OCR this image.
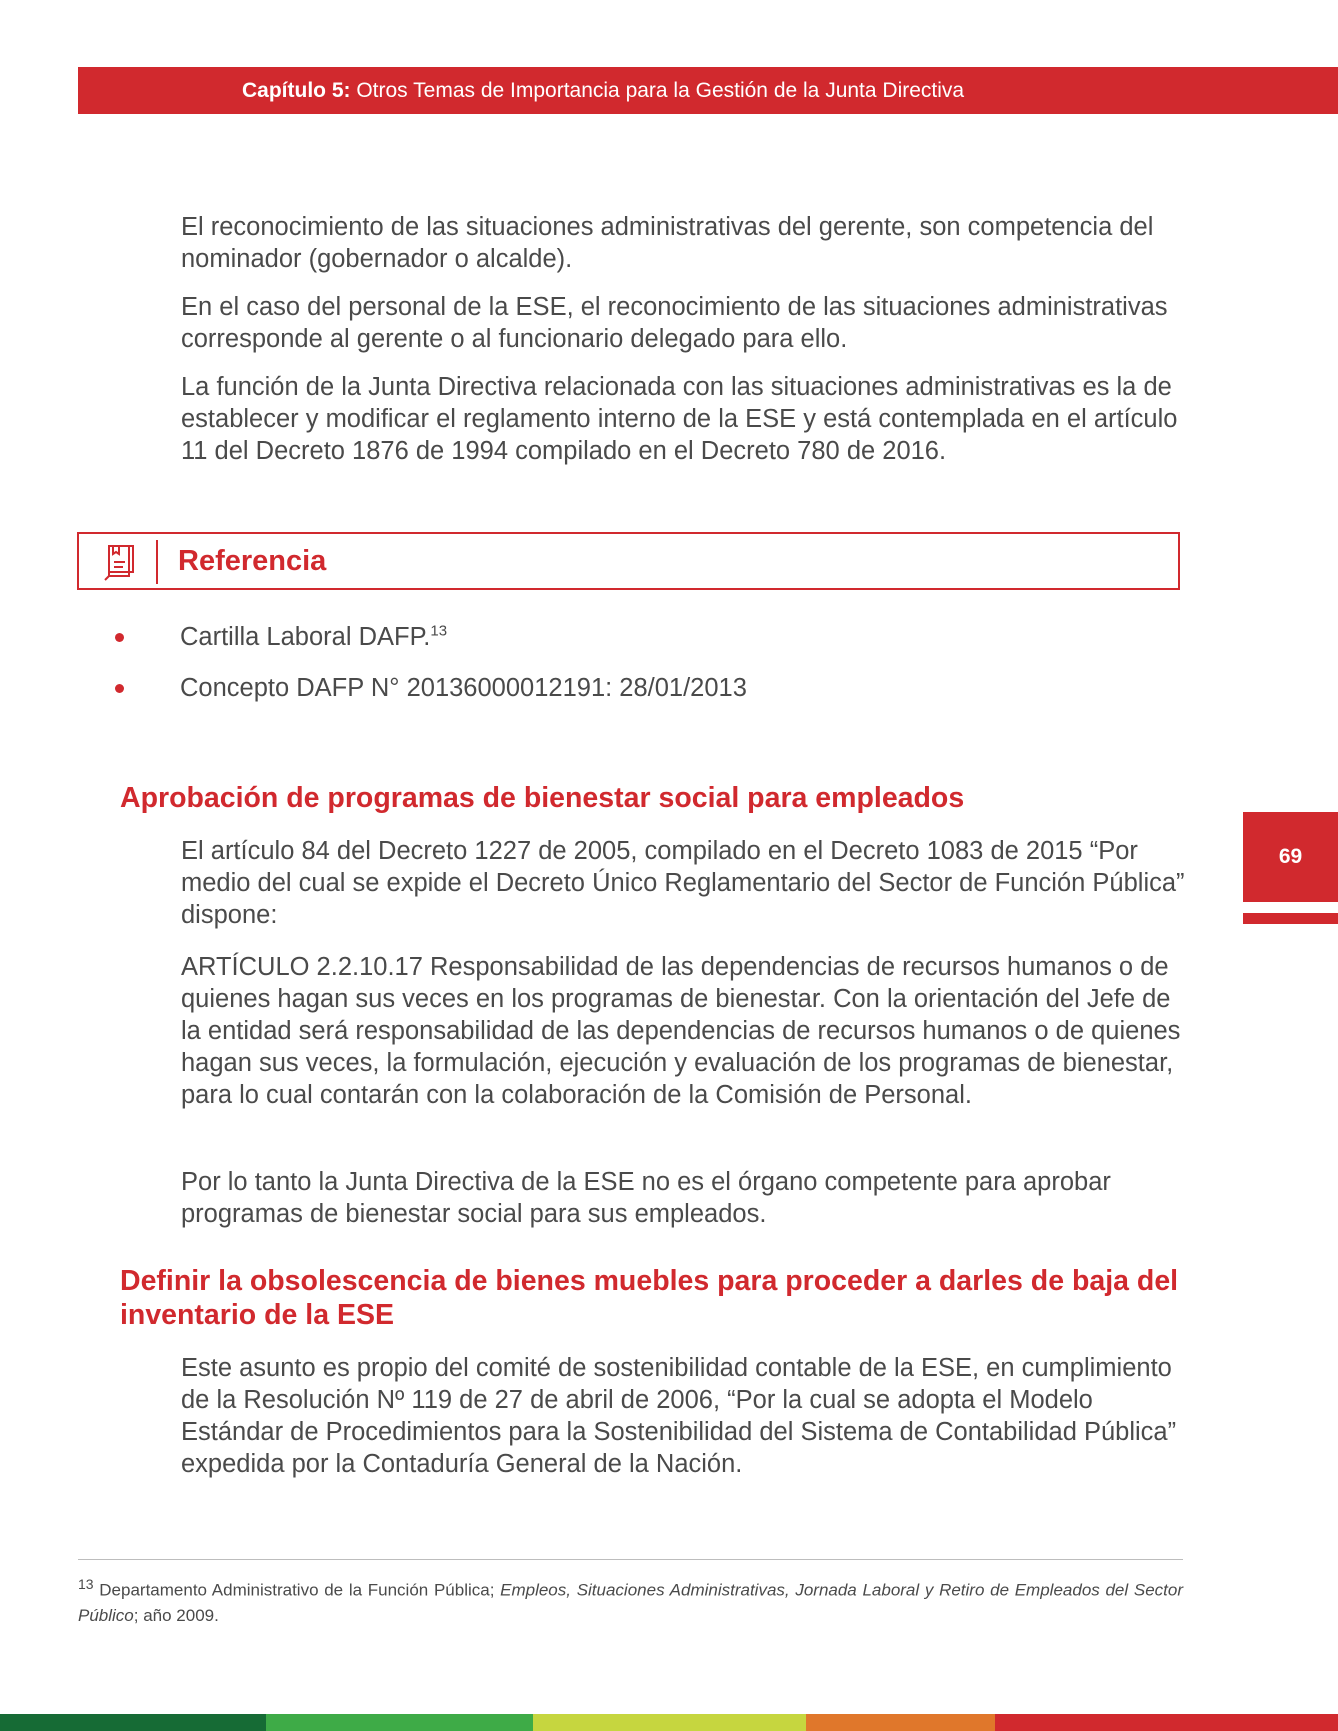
Capítulo 5: Otros Temas de Importancia para la Gestión de la Junta Directiva

El reconocimiento de las situaciones administrativas del gerente, son competencia del nominador (gobernador o alcalde).

En el caso del personal de la ESE, el reconocimiento de las situaciones administrativas corresponde al gerente o al funcionario delegado para ello.

La función de la Junta Directiva relacionada con las situaciones administrativas es la de establecer y modificar el reglamento interno de la ESE y está contemplada en el artículo 11 del Decreto 1876 de 1994 compilado en el Decreto 780 de 2016.

Referencia
Cartilla Laboral DAFP.$^{13}$
Concepto DAFP N° 20136000012191: 28/01/2013
Aprobación de programas de bienestar social para empleados

El artículo 84 del Decreto 1227 de 2005, compilado en el Decreto 1083 de 2015 “Por medio del cual se expide el Decreto Único Reglamentario del Sector de Función Pública” dispone:

ARTÍCULO 2.2.10.17 Responsabilidad de las dependencias de recursos humanos o de quienes hagan sus veces en los programas de bienestar. Con la orientación del Jefe de la entidad será responsabilidad de las dependencias de recursos humanos o de quienes hagan sus veces, la formulación, ejecución y evaluación de los programas de bienestar, para lo cual contarán con la colaboración de la Comisión de Personal.

Por lo tanto la Junta Directiva de la ESE no es el órgano competente para aprobar programas de bienestar social para sus empleados.

Definir la obsolescencia de bienes muebles para proceder a darles de baja del inventario de la ESE

Este asunto es propio del comité de sostenibilidad contable de la ESE, en cumplimiento de la Resolución Nº 119 de 27 de abril de 2006, “Por la cual se adopta el Modelo Estándar de Procedimientos para la Sostenibilidad del Sistema de Contabilidad Pública” expedida por la Contaduría General de la Nación.

69
$^{13}$ Departamento Administrativo de la Función Pública; Empleos, Situaciones Administrativas, Jornada Laboral y Retiro de Empleados del Sector Público; año 2009.
